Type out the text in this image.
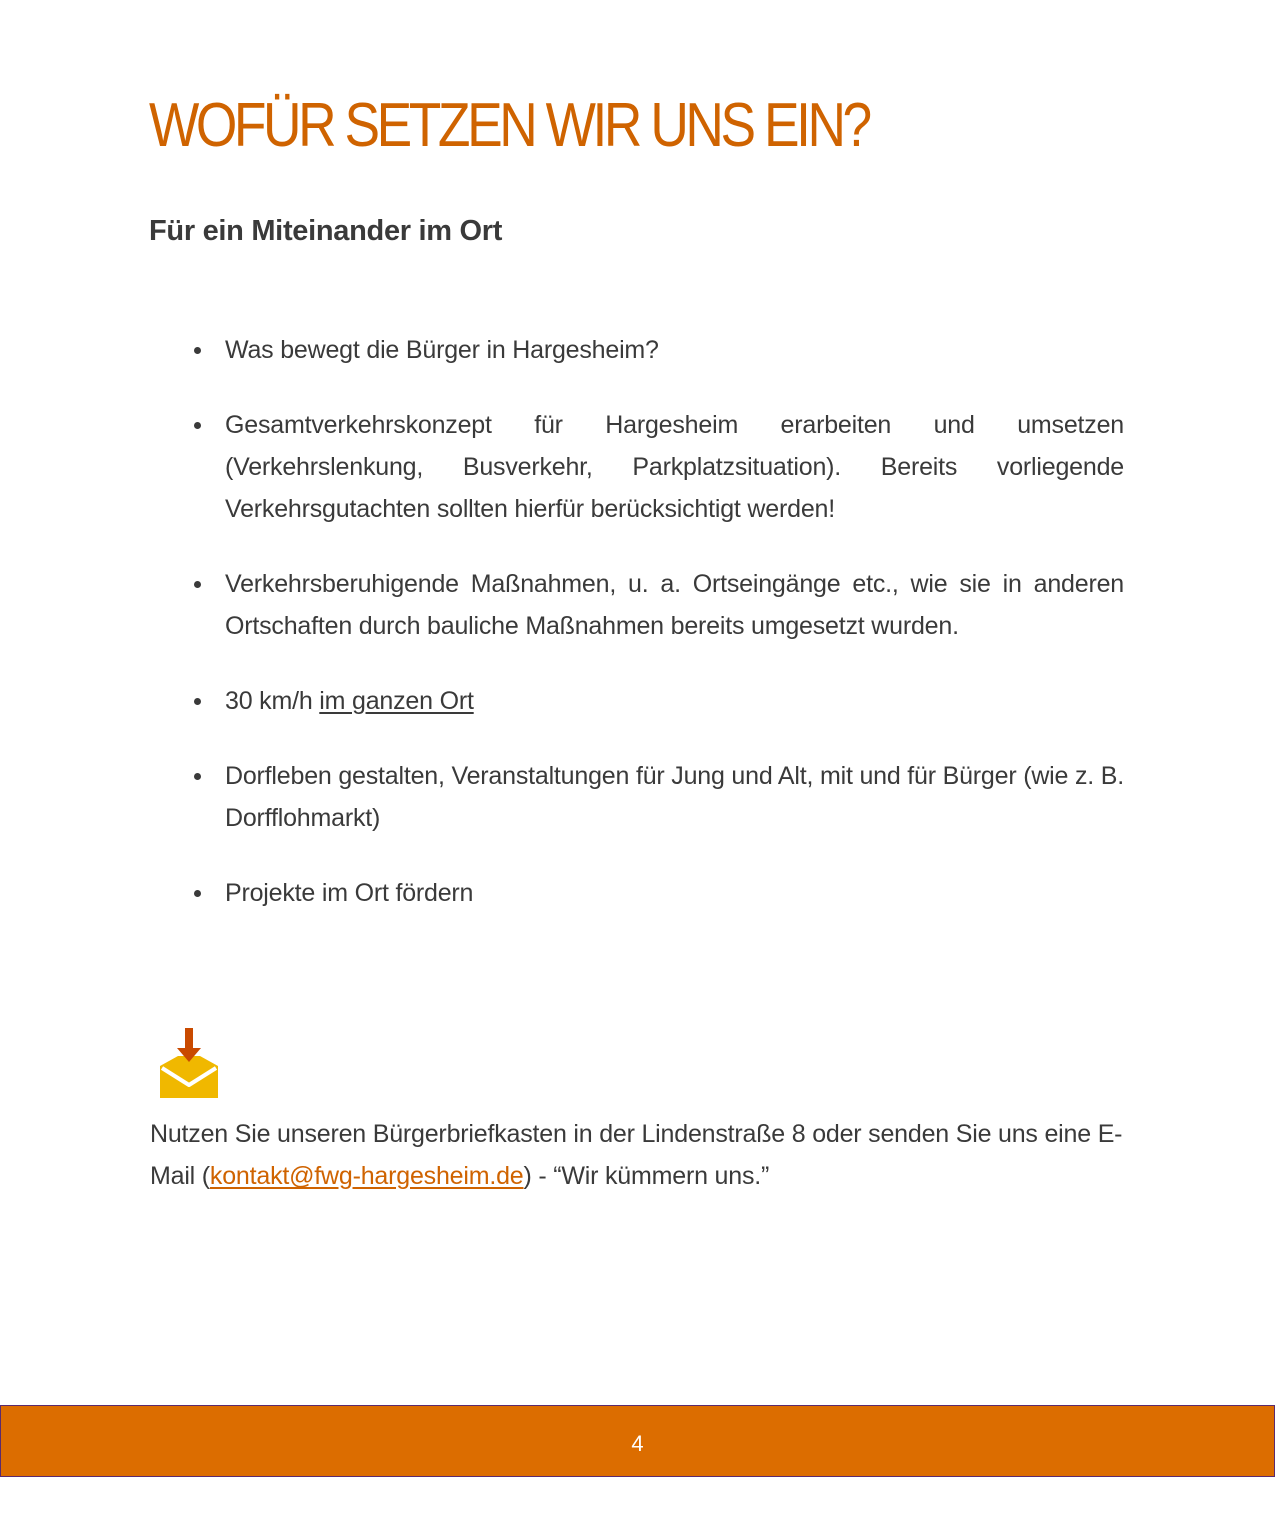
WOFÜR SETZEN WIR UNS EIN?
Für ein Miteinander im Ort
Was bewegt die Bürger in Hargesheim?
Gesamtverkehrskonzept für Hargesheim erarbeiten und umsetzen (Verkehrslenkung, Busverkehr, Parkplatzsituation). Bereits vorliegende Verkehrsgutachten sollten hierfür berücksichtigt werden!
Verkehrsberuhigende Maßnahmen, u. a. Ortseingänge etc., wie sie in anderen Ortschaften durch bauliche Maßnahmen bereits umgesetzt wurden.
30 km/h im ganzen Ort
Dorfleben gestalten, Veranstaltungen für Jung und Alt, mit und für Bürger (wie z. B. Dorfflohmarkt)
Projekte im Ort fördern

Nutzen Sie unseren Bürgerbriefkasten in der Lindenstraße 8 oder senden Sie uns eine E-Mail (kontakt@fwg-hargesheim.de) - “Wir kümmern uns.”

4
